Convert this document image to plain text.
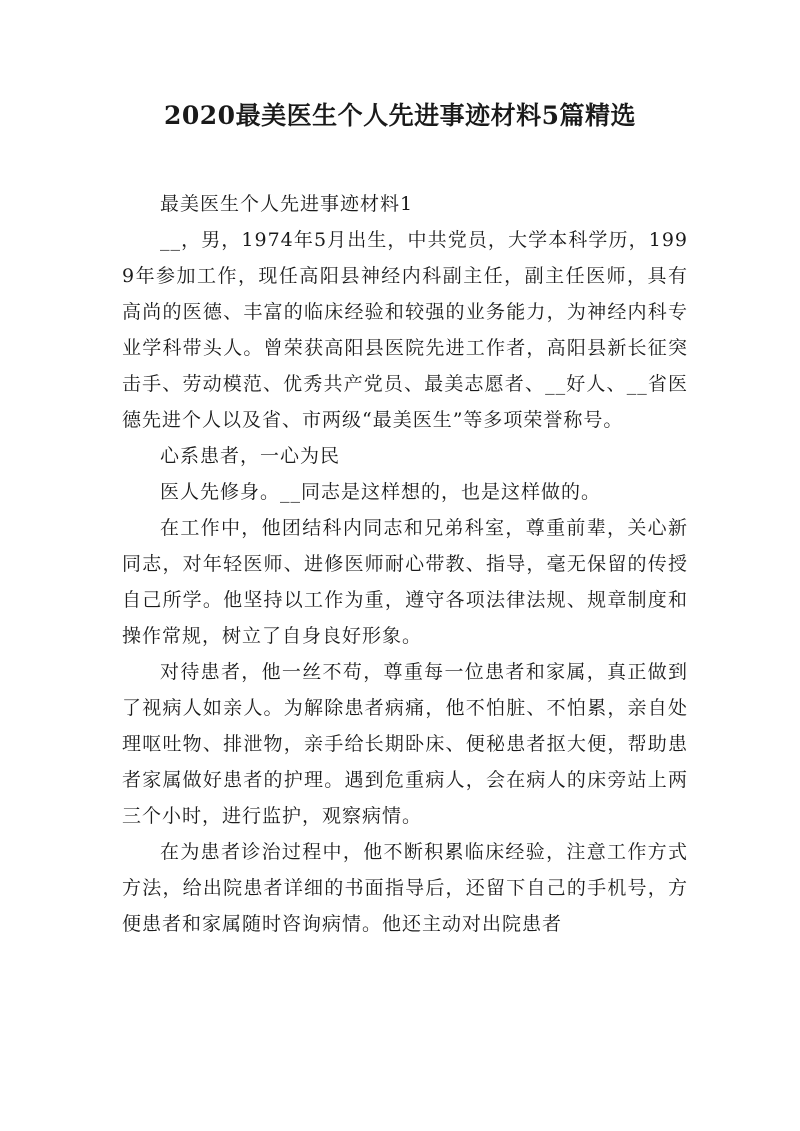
2020最美医生个人先进事迹材料5篇精选

最美医生个人先进事迹材料1

__，男，1974年5月出生，中共党员，大学本科学历，1999年参加工作，现任高阳县神经内科副主任，副主任医师，具有高尚的医德、丰富的临床经验和较强的业务能力，为神经内科专业学科带头人。曾荣获高阳县医院先进工作者，高阳县新长征突击手、劳动模范、优秀共产党员、最美志愿者、__好人、__省医德先进个人以及省、市两级“最美医生”等多项荣誉称号。

心系患者，一心为民

医人先修身。__同志是这样想的，也是这样做的。

在工作中，他团结科内同志和兄弟科室，尊重前辈，关心新同志，对年轻医师、进修医师耐心带教、指导，毫无保留的传授自己所学。他坚持以工作为重，遵守各项法律法规、规章制度和操作常规，树立了自身良好形象。

对待患者，他一丝不苟，尊重每一位患者和家属，真正做到了视病人如亲人。为解除患者病痛，他不怕脏、不怕累，亲自处理呕吐物、排泄物，亲手给长期卧床、便秘患者抠大便，帮助患者家属做好患者的护理。遇到危重病人，会在病人的床旁站上两三个小时，进行监护，观察病情。

在为患者诊治过程中，他不断积累临床经验，注意工作方式方法，给出院患者详细的书面指导后，还留下自己的手机号，方便患者和家属随时咨询病情。他还主动对出院患者
